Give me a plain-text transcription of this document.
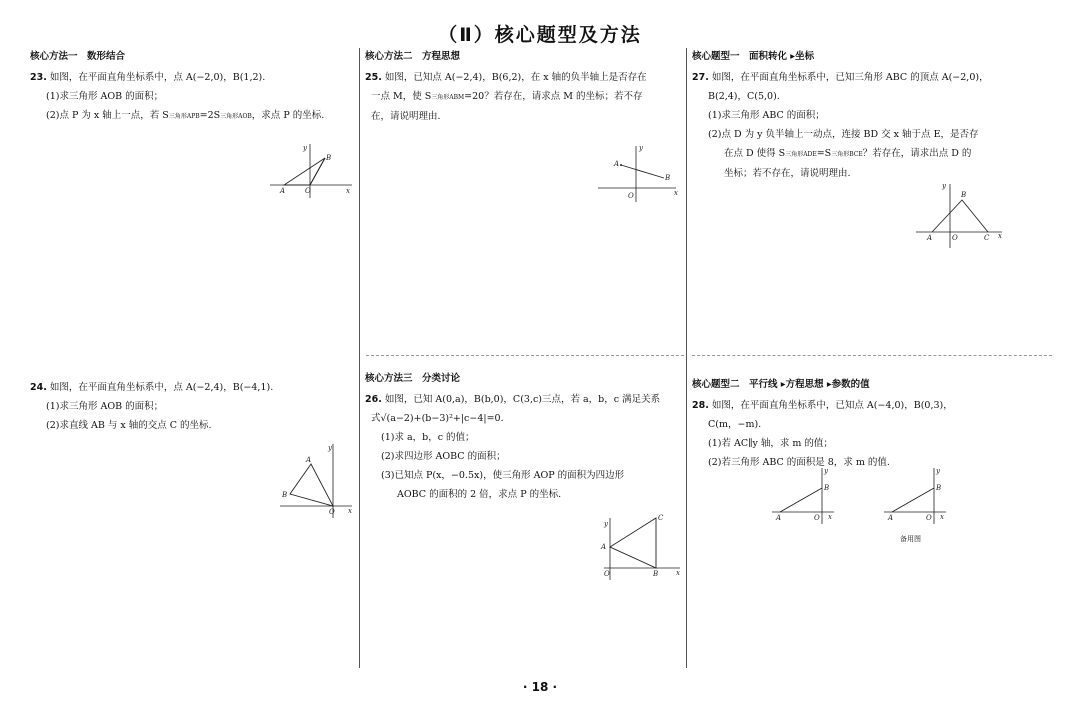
（Ⅱ）核心题型及方法
核心方法一　数形结合

23. 如图，在平面直角坐标系中，点 A(−2,0)，B(1,2).

(1)求三角形 AOB 的面积；

(2)点 P 为 x 轴上一点，若 S三角形APB=2S三角形AOB，求点 P 的坐标.

24. 如图，在平面直角坐标系中，点 A(−2,4)，B(−4,1).

(1)求三角形 AOB 的面积；

(2)求直线 AB 与 x 轴的交点 C 的坐标.

A	O
B
x
y
A
B
O x
y
核心方法二　方程思想

25. 如图，已知点 A(−2,4)，B(6,2)，在 x 轴的负半轴上是否存在

一点 M，使 S三角形ABM=20？若存在，请求点 M 的坐标；若不存

在，请说明理由.

核心方法三　分类讨论

26. 如图，已知 A(0,a)，B(b,0)，C(3,c)三点，若 a，b，c 满足关系

式√(a−2)+(b−3)²+|c−4|=0.

(1)求 a，b，c 的值；

(2)求四边形 AOBC 的面积；

(3)已知点 P(x，−0.5x)，使三角形 AOP 的面积为四边形

AOBC 的面积的 2 倍，求点 P 的坐标.

A
B
O	x
y
A
C
B
O	x
y
核心题型一　面积转化 ▸坐标

27. 如图，在平面直角坐标系中，已知三角形 ABC 的顶点 A(−2,0)，

B(2,4)，C(5,0).

(1)求三角形 ABC 的面积；

(2)点 D 为 y 负半轴上一动点，连接 BD 交 x 轴于点 E，是否存

在点 D 使得 S三角形ADE=S三角形BCE？若存在，请求出点 D 的

坐标；若不存在，请说明理由.

核心题型二　平行线 ▸方程思想 ▸参数的值

28. 如图，在平面直角坐标系中，已知点 A(−4,0)，B(0,3)，

C(m，−m).

(1)若 AC∥y 轴，求 m 的值；

(2)若三角形 ABC 的面积是 8，求 m 的值.

A
B
C
O	x
y
A
B
O x
y
A
B
O x
y
备用图
· 18 ·
